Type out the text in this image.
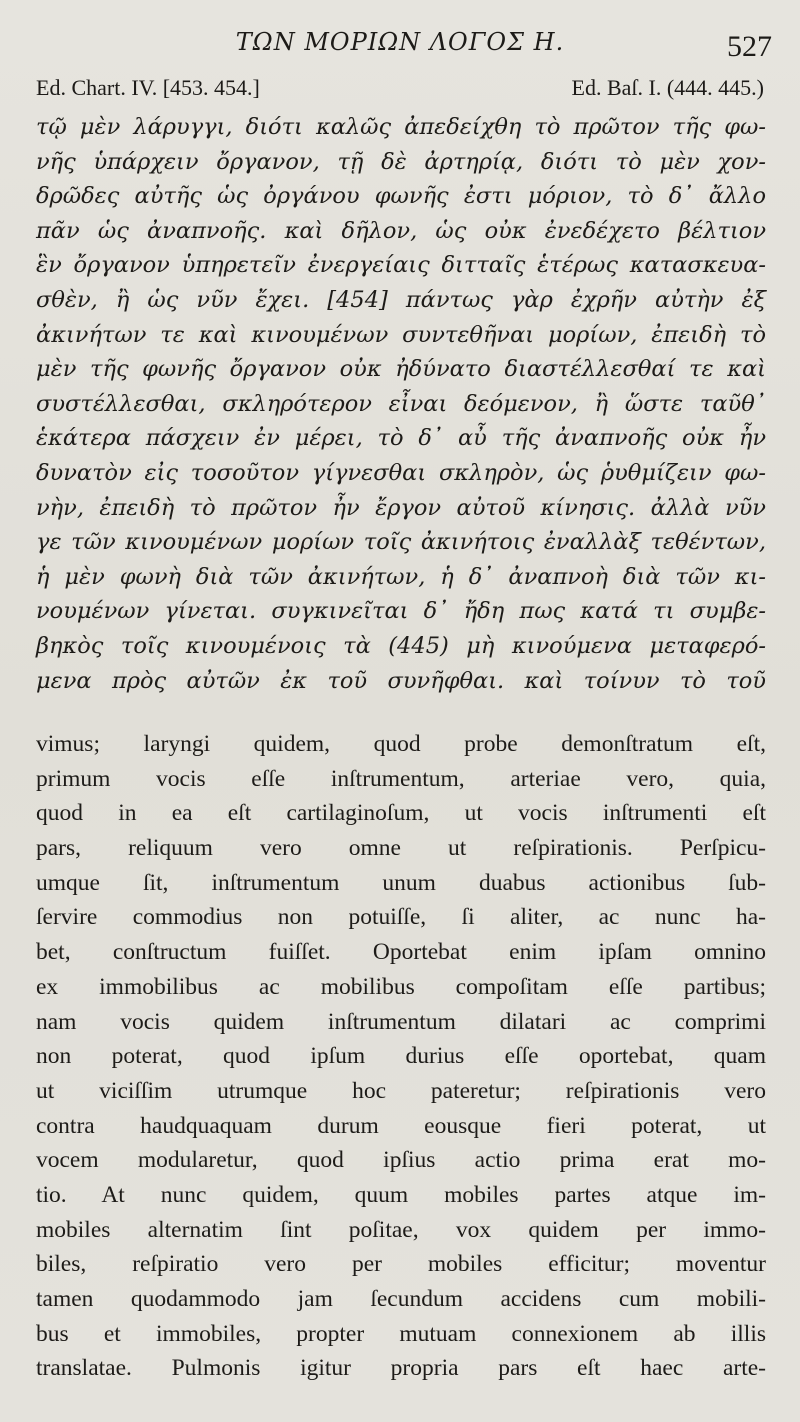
ΤΩΝ ΜΟΡΙΩΝ ΛΟΓΟΣ Η.	527
Ed. Chart. IV. [453. 454.]	Ed. Baſ. I. (444. 445.)
τῷ μὲν λάρυγγι, διότι καλῶς ἀπεδείχθη τὸ πρῶτον τῆς φω-
νῆς ὑπάρχειν ὄργανον, τῇ δὲ ἀρτηρίᾳ, διότι τὸ μὲν χον-
δρῶδες αὐτῆς ὡς ὀργάνου φωνῆς ἐστι μόριον, τὸ δ᾽ ἄλλο
πᾶν ὡς ἀναπνοῆς. καὶ δῆλον, ὡς οὐκ ἐνεδέχετο βέλτιον
ἓν ὄργανον ὑπηρετεῖν ἐνεργείαις διτταῖς ἑτέρως κατασκευα-
σθὲν, ἢ ὡς νῦν ἔχει. [454] πάντως γὰρ ἐχρῆν αὐτὴν ἐξ
ἀκινήτων τε καὶ κινουμένων συντεθῆναι μορίων, ἐπειδὴ τὸ
μὲν τῆς φωνῆς ὄργανον οὐκ ἠδύνατο διαστέλλεσθαί τε καὶ
συστέλλεσθαι, σκληρότερον εἶναι δεόμενον, ἢ ὥστε ταῦθ᾽
ἑκάτερα πάσχειν ἐν μέρει, τὸ δ᾽ αὖ τῆς ἀναπνοῆς οὐκ ἦν
δυνατὸν εἰς τοσοῦτον γίγνεσθαι σκληρὸν, ὡς ῥυθμίζειν φω-
νὴν, ἐπειδὴ τὸ πρῶτον ἦν ἔργον αὐτοῦ κίνησις. ἀλλὰ νῦν
γε τῶν κινουμένων μορίων τοῖς ἀκινήτοις ἐναλλὰξ τεθέντων,
ἡ μὲν φωνὴ διὰ τῶν ἀκινήτων, ἡ δ᾽ ἀναπνοὴ διὰ τῶν κι-
νουμένων γίνεται. συγκινεῖται δ᾽ ἤδη πως κατά τι συμβε-
βηκὸς τοῖς κινουμένοις τὰ (445) μὴ κινούμενα μεταφερό-
μενα πρὸς αὐτῶν ἐκ τοῦ συνῆφθαι. καὶ τοίνυν τὸ τοῦ
vimus; laryngi quidem, quod probe demonſtratum eſt,
primum vocis eſſe inſtrumentum, arteriae vero, quia,
quod in ea eſt cartilaginoſum, ut vocis inſtrumenti eſt
pars, reliquum vero omne ut reſpirationis. Perſpicu-
umque ſit, inſtrumentum unum duabus actionibus ſub-
ſervire commodius non potuiſſe, ſi aliter, ac nunc ha-
bet, conſtructum fuiſſet. Oportebat enim ipſam omnino
ex immobilibus ac mobilibus compoſitam eſſe partibus;
nam vocis quidem inſtrumentum dilatari ac comprimi
non poterat, quod ipſum durius eſſe oportebat, quam
ut viciſſim utrumque hoc pateretur; reſpirationis vero
contra haudquaquam durum eousque fieri poterat, ut
vocem modularetur, quod ipſius actio prima erat mo-
tio. At nunc quidem, quum mobiles partes atque im-
mobiles alternatim ſint poſitae, vox quidem per immo-
biles, reſpiratio vero per mobiles efficitur; moventur
tamen quodammodo jam ſecundum accidens cum mobili-
bus et immobiles, propter mutuam connexionem ab illis
translatae. Pulmonis igitur propria pars eſt haec arte-
